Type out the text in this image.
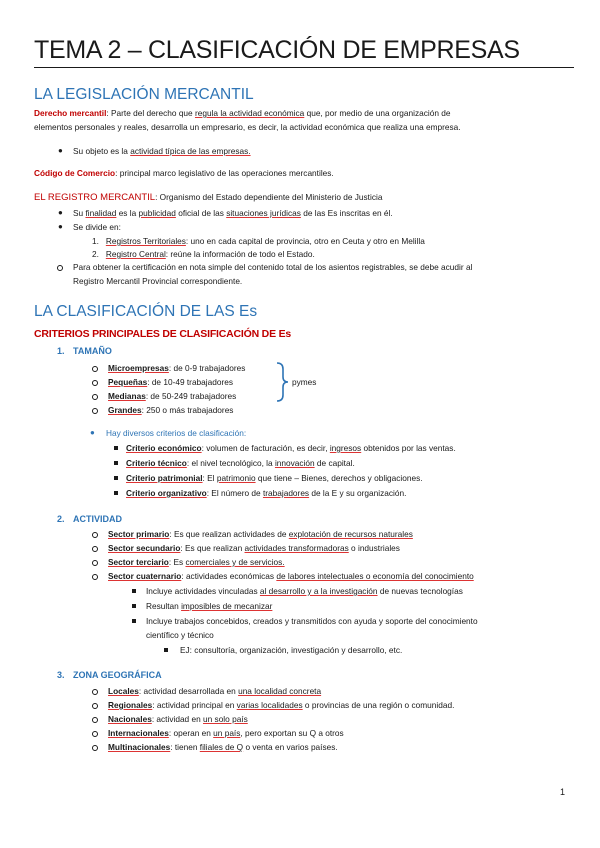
TEMA 2 – CLASIFICACIÓN DE EMPRESAS
LA LEGISLACIÓN MERCANTIL
Derecho mercantil: Parte del derecho que regula la actividad económica que, por medio de una organización de
elementos personales y reales, desarrolla un empresario, es decir, la actividad económica que realiza una empresa.
● Su objeto es la actividad típica de las empresas.
Código de Comercio: principal marco legislativo de las operaciones mercantiles.
EL REGISTRO MERCANTIL: Organismo del Estado dependiente del Ministerio de Justicia
● Su finalidad es la publicidad oficial de las situaciones jurídicas de las Es inscritas en él.
● Se divide en:
1. Registros Territoriales: uno en cada capital de provincia, otro en Ceuta y otro en Melilla
2. Registro Central: reúne la información de todo el Estado.
Para obtener la certificación en nota simple del contenido total de los asientos registrables, se debe acudir al
Registro Mercantil Provincial correspondiente.
LA CLASIFICACIÓN DE LAS Es
CRITERIOS PRINCIPALES DE CLASIFICACIÓN DE Es
1. TAMAÑO
Microempresas: de 0-9 trabajadores
Pequeñas: de 10-49 trabajadores
Medianas: de 50-249 trabajadores
Grandes: 250 o más trabajadores
pymes
● Hay diversos criterios de clasificación:
Criterio económico: volumen de facturación, es decir, ingresos obtenidos por las ventas.
Criterio técnico: el nivel tecnológico, la innovación de capital.
Criterio patrimonial: El patrimonio que tiene – Bienes, derechos y obligaciones.
Criterio organizativo: El número de trabajadores de la E y su organización.
2. ACTIVIDAD
Sector primario: Es que realizan actividades de explotación de recursos naturales
Sector secundario: Es que realizan actividades transformadoras o industriales
Sector terciario: Es comerciales y de servicios.
Sector cuaternario: actividades económicas de labores intelectuales o economía del conocimiento
Incluye actividades vinculadas al desarrollo y a la investigación de nuevas tecnologías
Resultan imposibles de mecanizar
Incluye trabajos concebidos, creados y transmitidos con ayuda y soporte del conocimiento
científico y técnico
EJ: consultoría, organización, investigación y desarrollo, etc.
3. ZONA GEOGRÁFICA
Locales: actividad desarrollada en una localidad concreta
Regionales: actividad principal en varias localidades o provincias de una región o comunidad.
Nacionales: actividad en un solo país
Internacionales: operan en un país, pero exportan su Q a otros
Multinacionales: tienen filiales de Q o venta en varios países.
1
